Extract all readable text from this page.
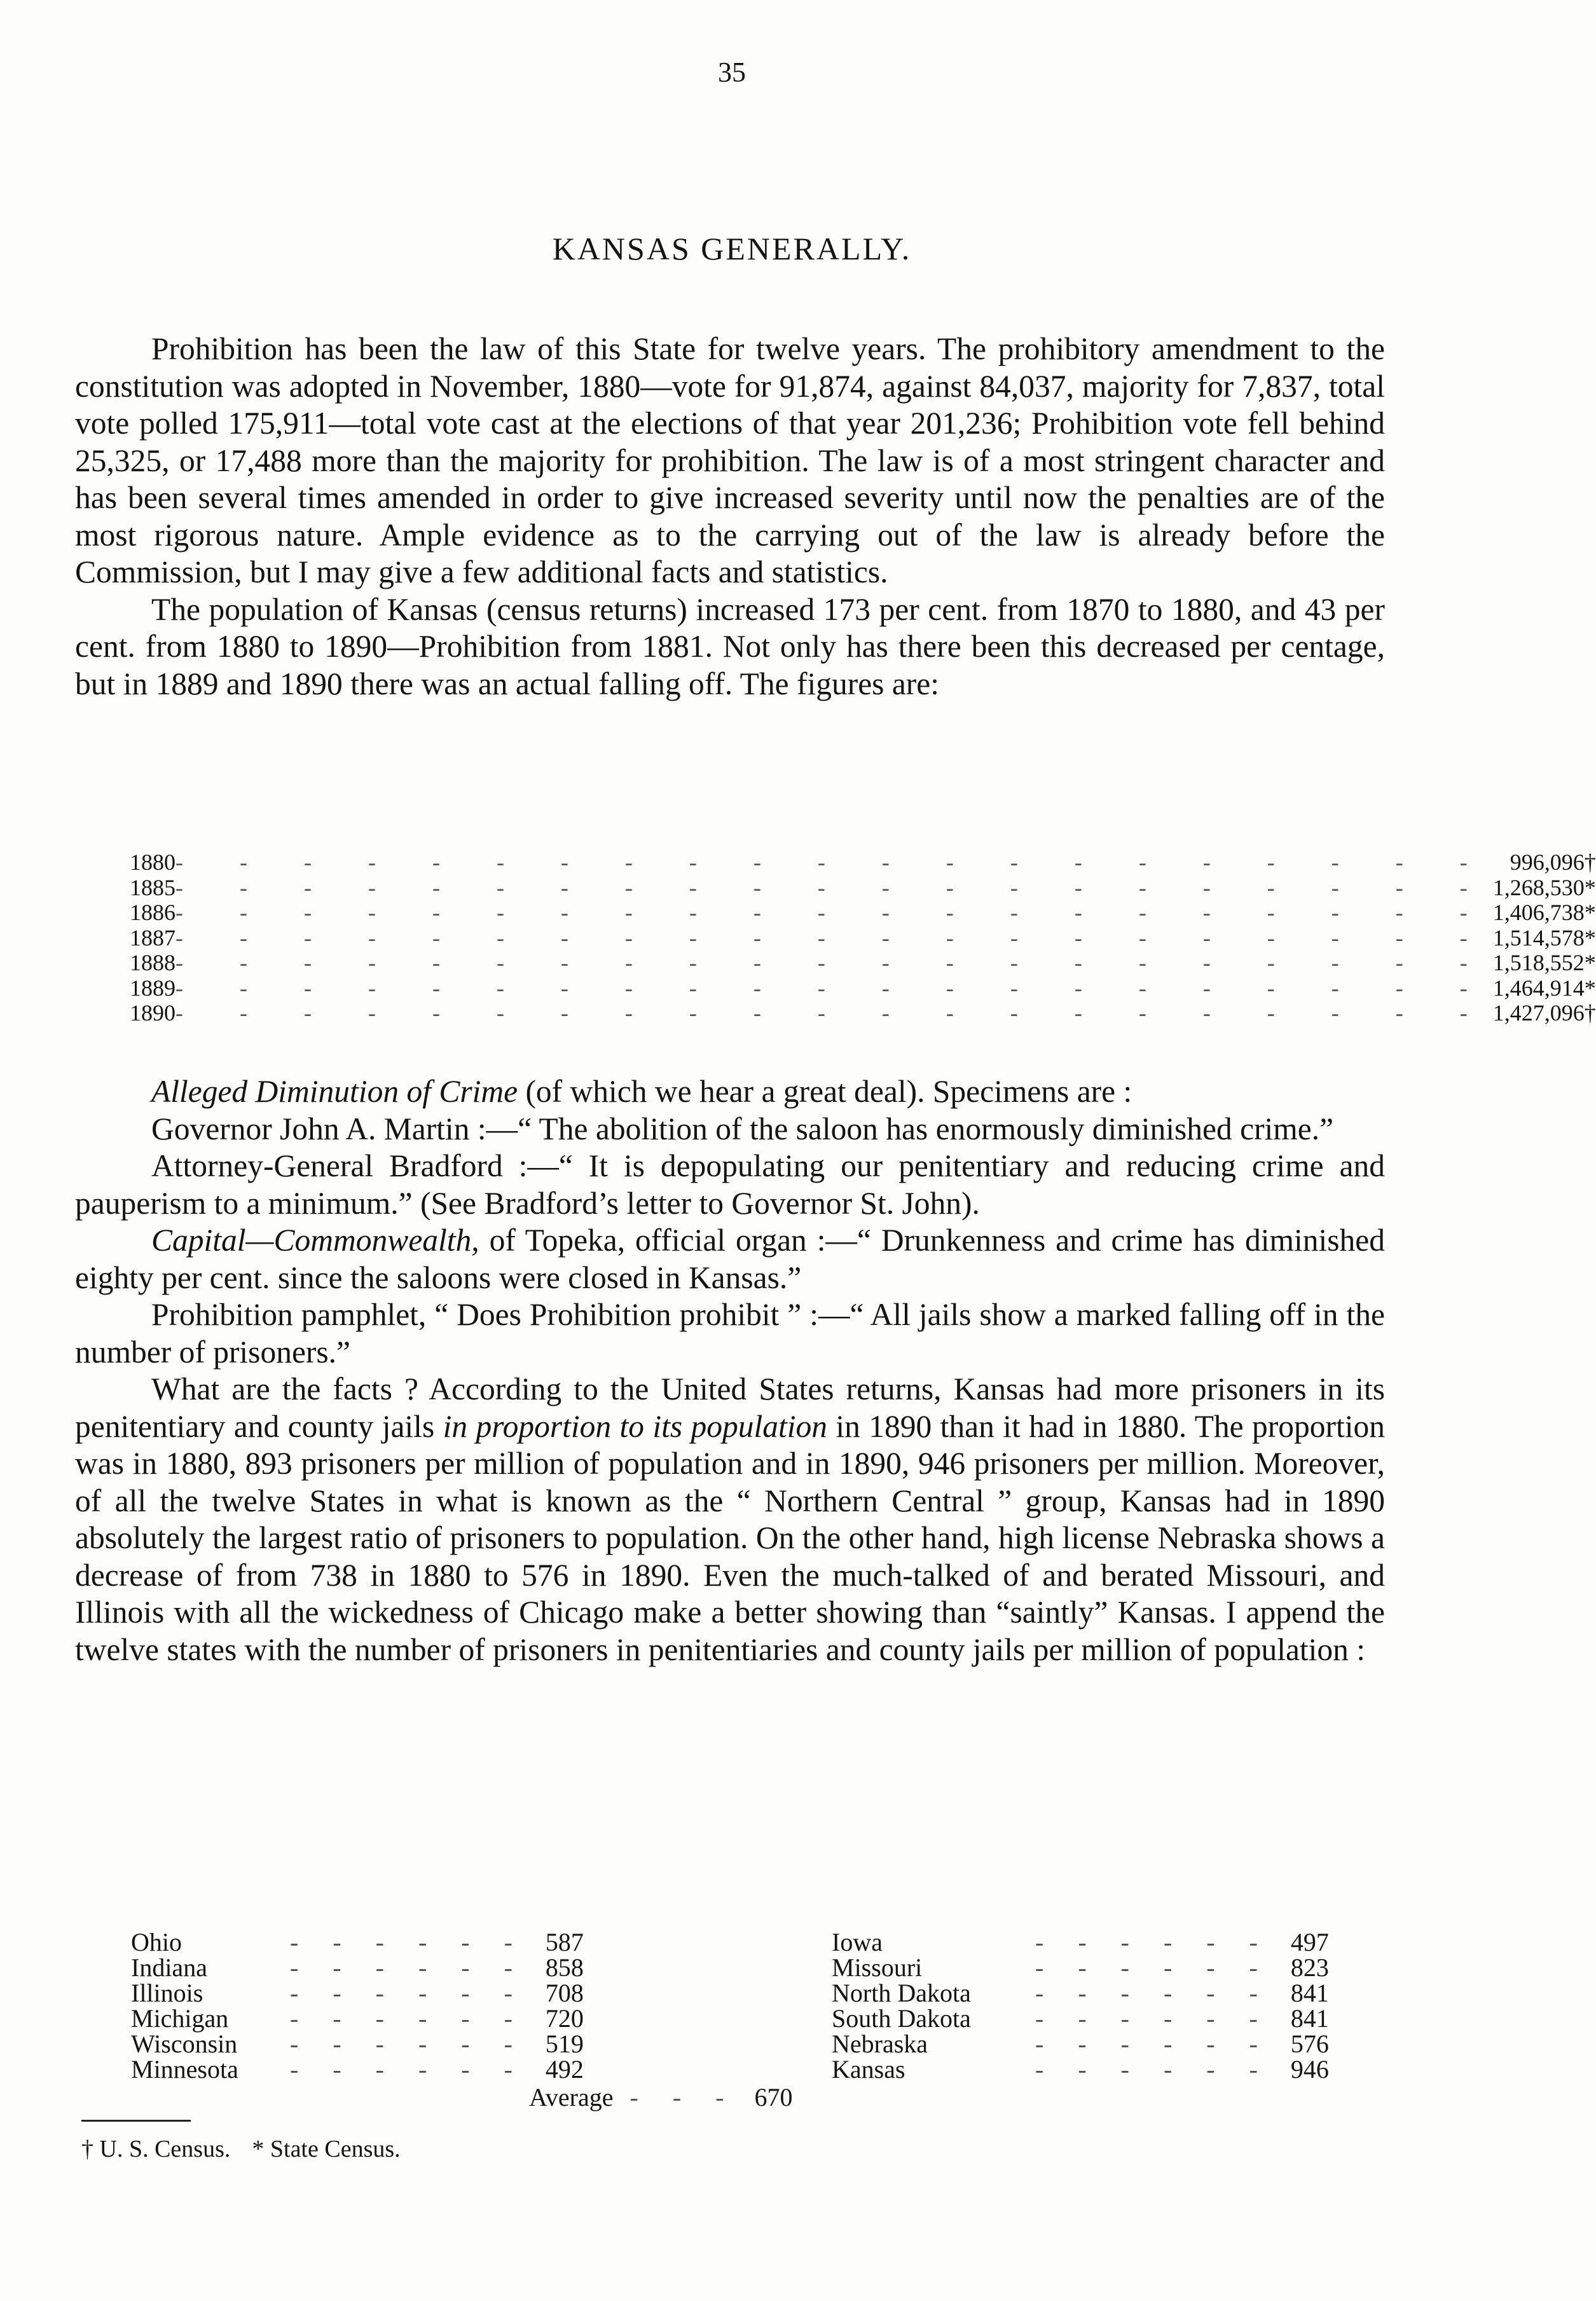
35
KANSAS GENERALLY.

Prohibition has been the law of this State for twelve years. The prohibitory amendment to the constitution was adopted in November, 1880—vote for 91,874, against 84,037, majority for 7,837, total vote polled 175,911—total vote cast at the elections of that year 201,236; Prohibition vote fell behind 25,325, or 17,488 more than the majority for prohibition. The law is of a most stringent character and has been several times amended in order to give increased severity until now the penalties are of the most rigorous nature. Ample evidence as to the carrying out of the law is already before the Commission, but I may give a few additional facts and statistics.

The population of Kansas (census returns) increased 173 per cent. from 1870 to 1880, and 43 per cent. from 1880 to 1890—Prohibition from 1881. Not only has there been this decreased per centage, but in 1889 and 1890 there was an actual falling off. The figures are:

1880	- - - - - - - - - - - - - - - - - - - - -	996,096†
1885	- - - - - - - - - - - - - - - - - - - - -	1,268,530*
1886	- - - - - - - - - - - - - - - - - - - - -	1,406,738*
1887	- - - - - - - - - - - - - - - - - - - - -	1,514,578*
1888	- - - - - - - - - - - - - - - - - - - - -	1,518,552*
1889	- - - - - - - - - - - - - - - - - - - - -	1,464,914*
1890	- - - - - - - - - - - - - - - - - - - - -	1,427,096†

Alleged Diminution of Crime (of which we hear a great deal). Specimens are :

Governor John A. Martin :—“ The abolition of the saloon has enormously diminished crime.”

Attorney-General Bradford :—“ It is depopulating our penitentiary and reducing crime and pauperism to a minimum.” (See Bradford’s letter to Governor St. John).

Capital—Commonwealth, of Topeka, official organ :—“ Drunkenness and crime has diminished eighty per cent. since the saloons were closed in Kansas.”

Prohibition pamphlet, “ Does Prohibition prohibit ” :—“ All jails show a marked falling off in the number of prisoners.”

What are the facts ? According to the United States returns, Kansas had more prisoners in its penitentiary and county jails in proportion to its population in 1890 than it had in 1880. The proportion was in 1880, 893 prisoners per million of population and in 1890, 946 prisoners per million. Moreover, of all the twelve States in what is known as the “ Northern Central ” group, Kansas had in 1890 absolutely the largest ratio of prisoners to population. On the other hand, high license Nebraska shows a decrease of from 738 in 1880 to 576 in 1890. Even the much-talked of and berated Missouri, and Illinois with all the wickedness of Chicago make a better showing than “saintly” Kansas. I append the twelve states with the number of prisoners in penitentiaries and county jails per million of population :

Ohio	- - - - - -	587
Indiana	- - - - - -	858
Illinois	- - - - - -	708
Michigan	- - - - - -	720
Wisconsin	- - - - - -	519
Minnesota	- - - - - -	492
Iowa	- - - - - -	497
Missouri	- - - - - -	823
North Dakota	- - - - - -	841
South Dakota	- - - - - -	841
Nebraska	- - - - - -	576
Kansas	- - - - - -	946
Average - - - 670
† U. S. Census. * State Census.
